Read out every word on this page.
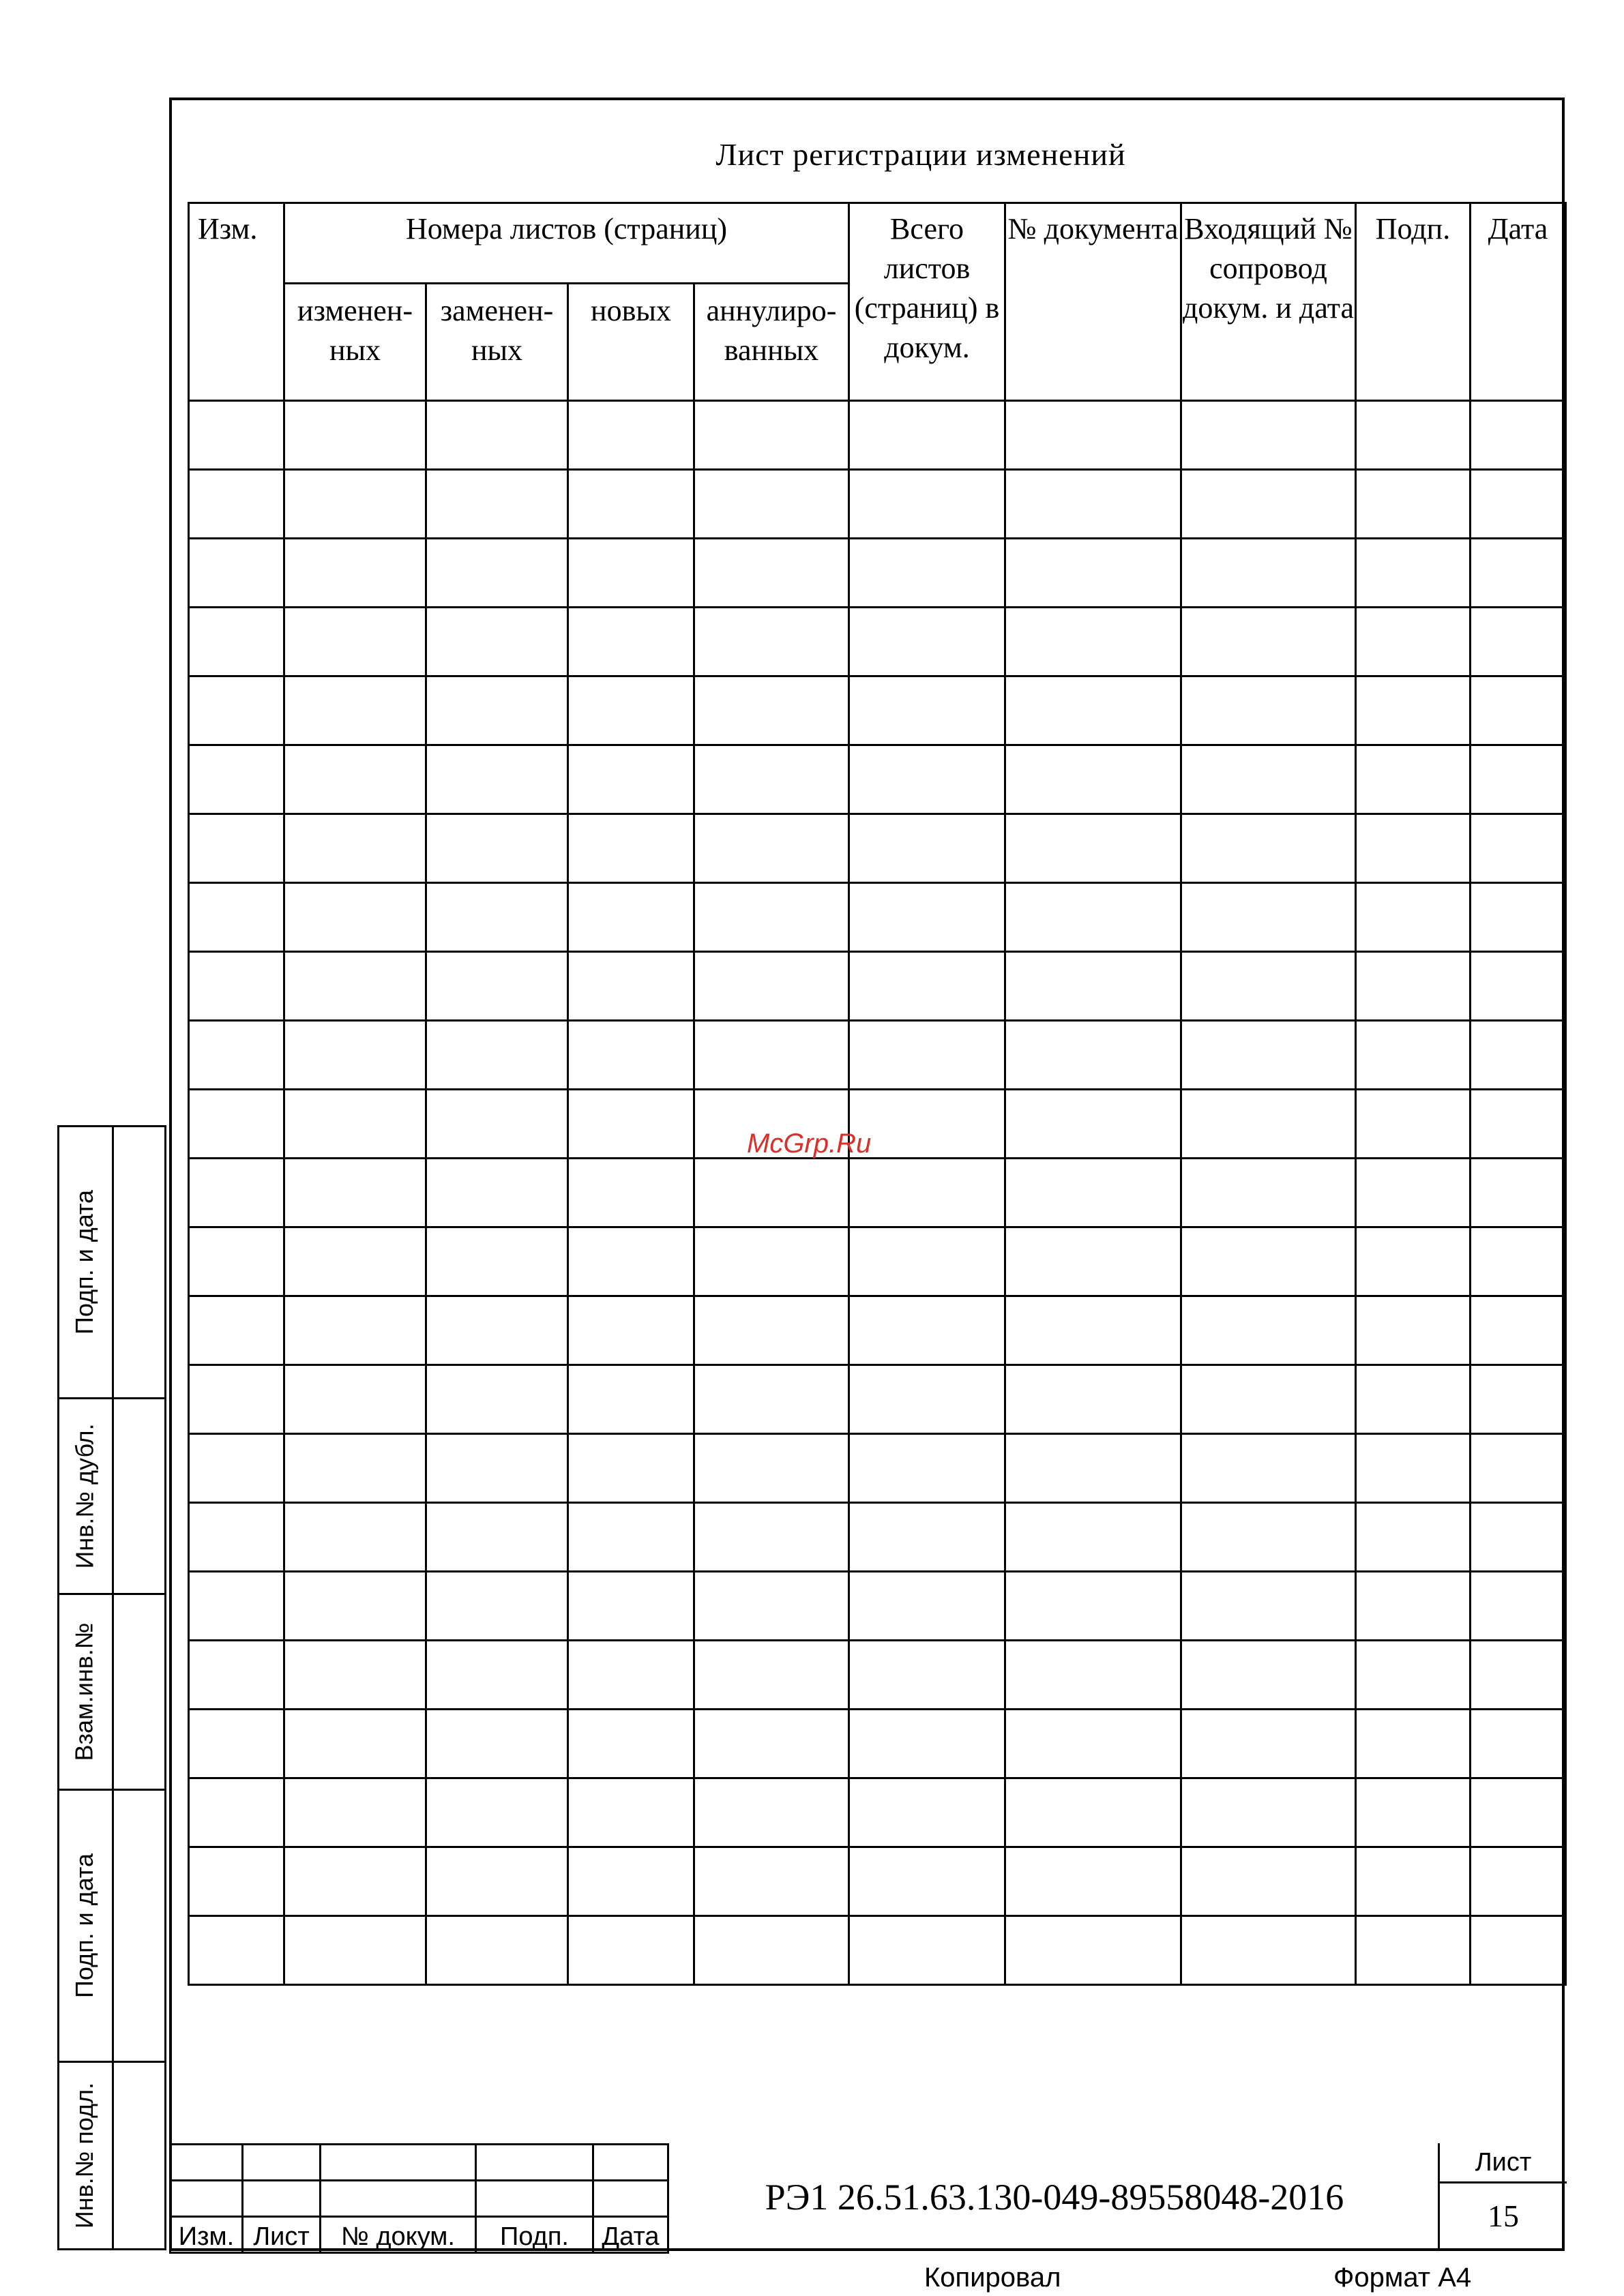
Лист регистрации изменений
Изм.	Номера листов (страниц)				Всего листов (страниц) в докум.	№ документа	Входящий № сопровод докум. и дата	Подп.	Дата
	изменен- ных	заменен- ных	новых	аннулиро- ванных					

Подп. и дата
Инв.№ дубл.
Взам.инв.№
Подп. и дата
Инв.№ подл.

Изм.	Лист	№ докум.	Подп.	Дата
РЭ1 26.51.63.130-049-89558048-2016
Лист
15
McGrp.Ru
Копировал	Формат А4
